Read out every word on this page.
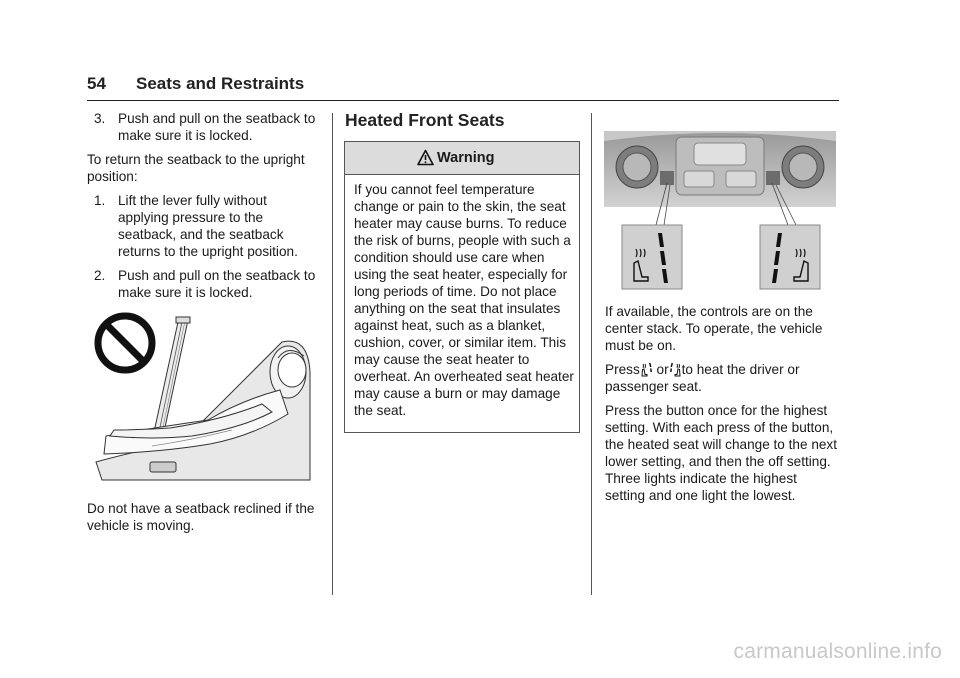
54 Seats and Restraints
3. Push and pull on the seatback to make sure it is locked.

To return the seatback to the upright position:

1. Lift the lever fully without applying pressure to the seatback, and the seatback returns to the upright position.
2. Push and pull on the seatback to make sure it is locked.

Do not have a seatback reclined if the vehicle is moving.

Heated Front Seats
Warning
If you cannot feel temperature change or pain to the skin, the seat heater may cause burns. To reduce the risk of burns, people with such a condition should use care when using the seat heater, especially for long periods of time. Do not place anything on the seat that insulates against heat, such as a blanket, cushion, cover, or similar item. This may cause the seat heater to overheat. An overheated seat heater may cause a burn or may damage the seat.

If available, the controls are on the center stack. To operate, the vehicle must be on.

Press or to heat the driver or passenger seat.

Press the button once for the highest setting. With each press of the button, the heated seat will change to the next lower setting, and then the off setting. Three lights indicate the highest setting and one light the lowest.

carmanualsonline.info
